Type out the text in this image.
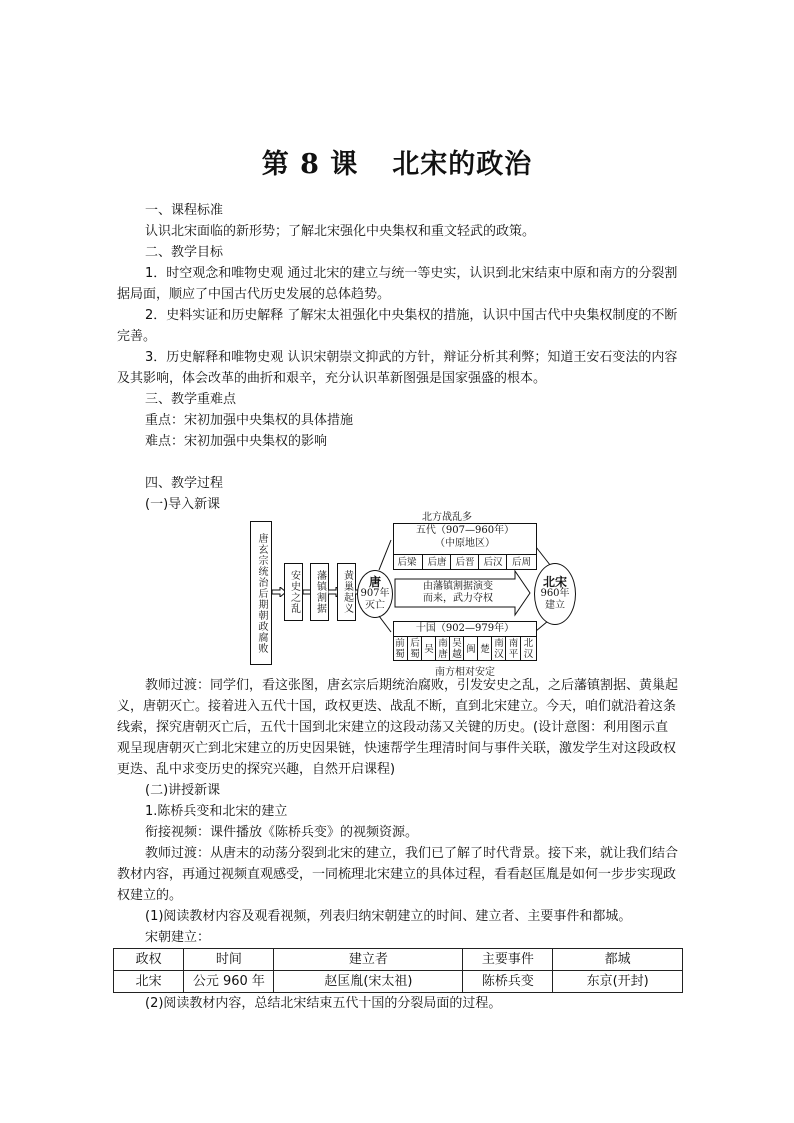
第 8 课 北宋的政治

一、课程标准

认识北宋面临的新形势；了解北宋强化中央集权和重文轻武的政策。

二、教学目标

1．时空观念和唯物史观 通过北宋的建立与统一等史实，认识到北宋结束中原和南方的分裂割据局面，顺应了中国古代历史发展的总体趋势。

2．史料实证和历史解释 了解宋太祖强化中央集权的措施，认识中国古代中央集权制度的不断完善。

3．历史解释和唯物史观 认识宋朝崇文抑武的方针，辩证分析其利弊；知道王安石变法的内容及其影响，体会改革的曲折和艰辛，充分认识革新图强是国家强盛的根本。

三、教学重难点

重点：宋初加强中央集权的具体措施

难点：宋初加强中央集权的影响

四、教学过程

(一)导入新课

唐玄宗统治后期朝政腐败 安史之乱 藩镇割据 黄巢起义 唐
907年
灭亡
北方战乱多
五代（907—960年）
（中原地区）
后梁	后唐 后晋 后汉 后周
由藩镇割据演变
而来，武力夺权
十国（902—979年）
前蜀
后蜀 吴 南唐
吴越 闽 楚 南汉
南平
北汉
南方相对安定
北宋
960年
建立

教师过渡：同学们，看这张图，唐玄宗后期统治腐败，引发安史之乱，之后藩镇割据、黄巢起义，唐朝灭亡。接着进入五代十国，政权更迭、战乱不断，直到北宋建立。今天，咱们就沿着这条线索，探究唐朝灭亡后，五代十国到北宋建立的这段动荡又关键的历史。(设计意图：利用图示直观呈现唐朝灭亡到北宋建立的历史因果链，快速帮学生理清时间与事件关联，激发学生对这段政权更迭、乱中求变历史的探究兴趣，自然开启课程)

(二)讲授新课

1.陈桥兵变和北宋的建立

衔接视频：课件播放《陈桥兵变》的视频资源。

教师过渡：从唐末的动荡分裂到北宋的建立，我们已了解了时代背景。接下来，就让我们结合教材内容，再通过视频直观感受，一同梳理北宋建立的具体过程，看看赵匡胤是如何一步步实现政权建立的。

(1)阅读教材内容及观看视频，列表归纳宋朝建立的时间、建立者、主要事件和都城。

宋朝建立：

政权	时间	建立者	主要事件	都城
北宋	公元 960 年	赵匡胤(宋太祖)	陈桥兵变	东京(开封)

(2)阅读教材内容，总结北宋结束五代十国的分裂局面的过程。
